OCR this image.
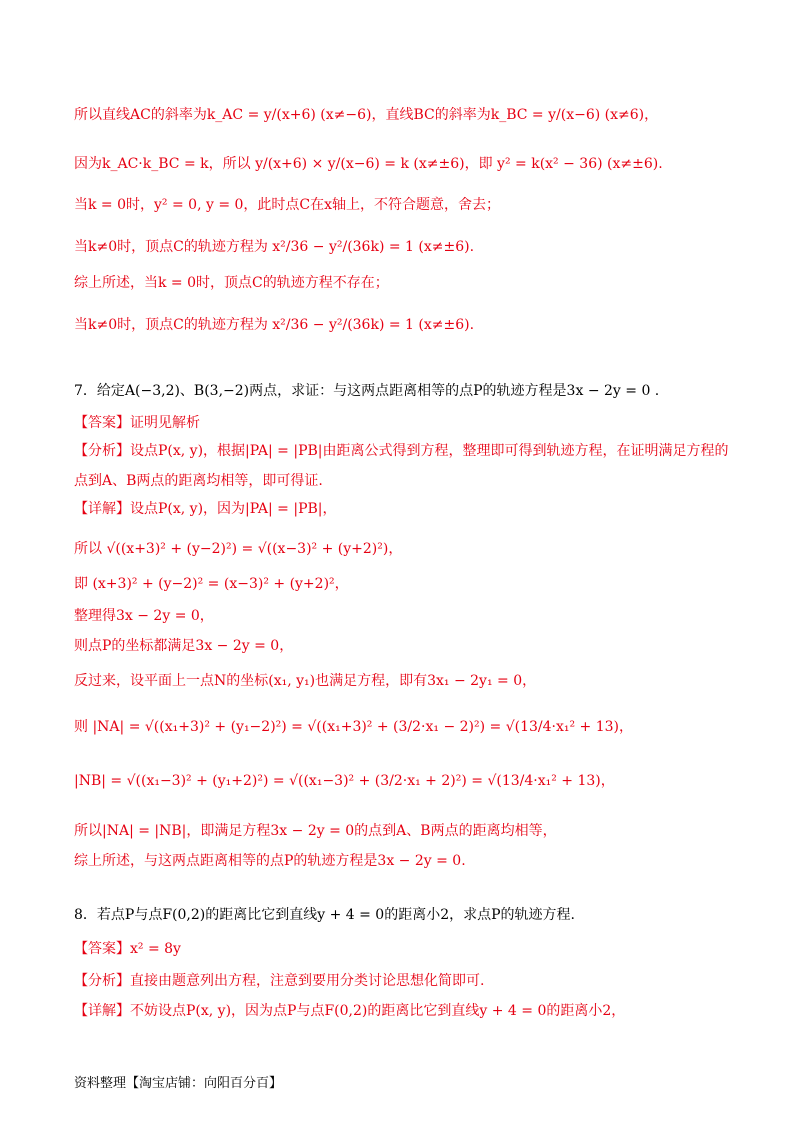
所以直线AC的斜率为k_AC = y/(x+6) (x≠−6)，直线BC的斜率为k_BC = y/(x−6) (x≠6)，
因为k_AC·k_BC = k，所以 y/(x+6) × y/(x−6) = k (x≠±6)，即 y² = k(x² − 36) (x≠±6).
当k = 0时，y² = 0, y = 0，此时点C在x轴上，不符合题意，舍去；
当k≠0时，顶点C的轨迹方程为 x²/36 − y²/(36k) = 1 (x≠±6).
综上所述，当k = 0时，顶点C的轨迹方程不存在；
当k≠0时，顶点C的轨迹方程为 x²/36 − y²/(36k) = 1 (x≠±6).
7．给定A(−3,2)、B(3,−2)两点，求证：与这两点距离相等的点P的轨迹方程是3x − 2y = 0 .
【答案】证明见解析
【分析】设点P(x, y)，根据|PA| = |PB|由距离公式得到方程，整理即可得到轨迹方程，在证明满足方程的
点到A、B两点的距离均相等，即可得证.
【详解】设点P(x, y)，因为|PA| = |PB|，
所以 √((x+3)² + (y−2)²) = √((x−3)² + (y+2)²)，
即 (x+3)² + (y−2)² = (x−3)² + (y+2)²，
整理得3x − 2y = 0，
则点P的坐标都满足3x − 2y = 0，
反过来，设平面上一点N的坐标(x₁, y₁)也满足方程，即有3x₁ − 2y₁ = 0，
则 |NA| = √((x₁+3)² + (y₁−2)²) = √((x₁+3)² + (3/2·x₁ − 2)²) = √(13/4·x₁² + 13)，
|NB| = √((x₁−3)² + (y₁+2)²) = √((x₁−3)² + (3/2·x₁ + 2)²) = √(13/4·x₁² + 13)，
所以|NA| = |NB|，即满足方程3x − 2y = 0的点到A、B两点的距离均相等，
综上所述，与这两点距离相等的点P的轨迹方程是3x − 2y = 0.
8．若点P与点F(0,2)的距离比它到直线y + 4 = 0的距离小2，求点P的轨迹方程.
【答案】x² = 8y
【分析】直接由题意列出方程，注意到要用分类讨论思想化简即可.
【详解】不妨设点P(x, y)，因为点P与点F(0,2)的距离比它到直线y + 4 = 0的距离小2，
资料整理【淘宝店铺：向阳百分百】
